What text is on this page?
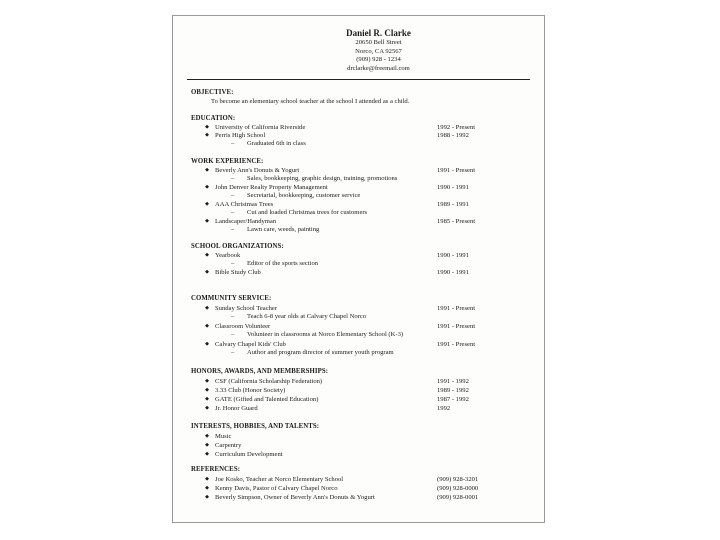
Daniel R. Clarke
20650 Bell Street
Norco, CA 92567
(909) 928 - 1234
drclarke@freemail.com
OBJECTIVE:
To become an elementary school teacher at the school I attended as a child.
EDUCATION:
◆ University of California Riverside	1992 - Present
◆ Perris High School	1988 - 1992
– Graduated 6th in class
WORK EXPERIENCE:
◆ Beverly Ann's Donuts & Yogurt	1991 - Present
– Sales, bookkeeping, graphic design, training, promotions
◆ John Denver Realty Property Management	1990 - 1991
– Secretarial, bookkeeping, customer service
◆ AAA Christmas Trees	1989 - 1991
– Cut and loaded Christmas trees for customers
◆ Landscaper/Handyman	1985 - Present
– Lawn care, weeds, painting
SCHOOL ORGANIZATIONS:
◆ Yearbook	1990 - 1991
– Editor of the sports section
◆ Bible Study Club	1990 - 1991
COMMUNITY SERVICE:
◆ Sunday School Teacher	1991 - Present
– Teach 6-8 year olds at Calvary Chapel Norco
◆ Classroom Volunteer	1991 - Present
– Volunteer in classrooms at Norco Elementary School (K-3)
◆ Calvary Chapel Kids' Club	1991 - Present
– Author and program director of summer youth program
HONORS, AWARDS, AND MEMBERSHIPS:
◆ CSF (California Scholarship Federation)	1991 - 1992
◆ 3.33 Club (Honor Society)	1989 - 1992
◆ GATE (Gifted and Talented Education)	1987 - 1992
◆ Jr. Honor Guard	1992
INTERESTS, HOBBIES, AND TALENTS:
◆ Music
◆ Carpentry
◆ Curriculum Development
REFERENCES:
◆ Joe Kosko, Teacher at Norco Elementary School	(909) 928-3201
◆ Kenny Davis, Pastor of Calvary Chapel Norco	(909) 928-0000
◆ Beverly Simpson, Owner of Beverly Ann's Donuts & Yogurt	(909) 928-0001
